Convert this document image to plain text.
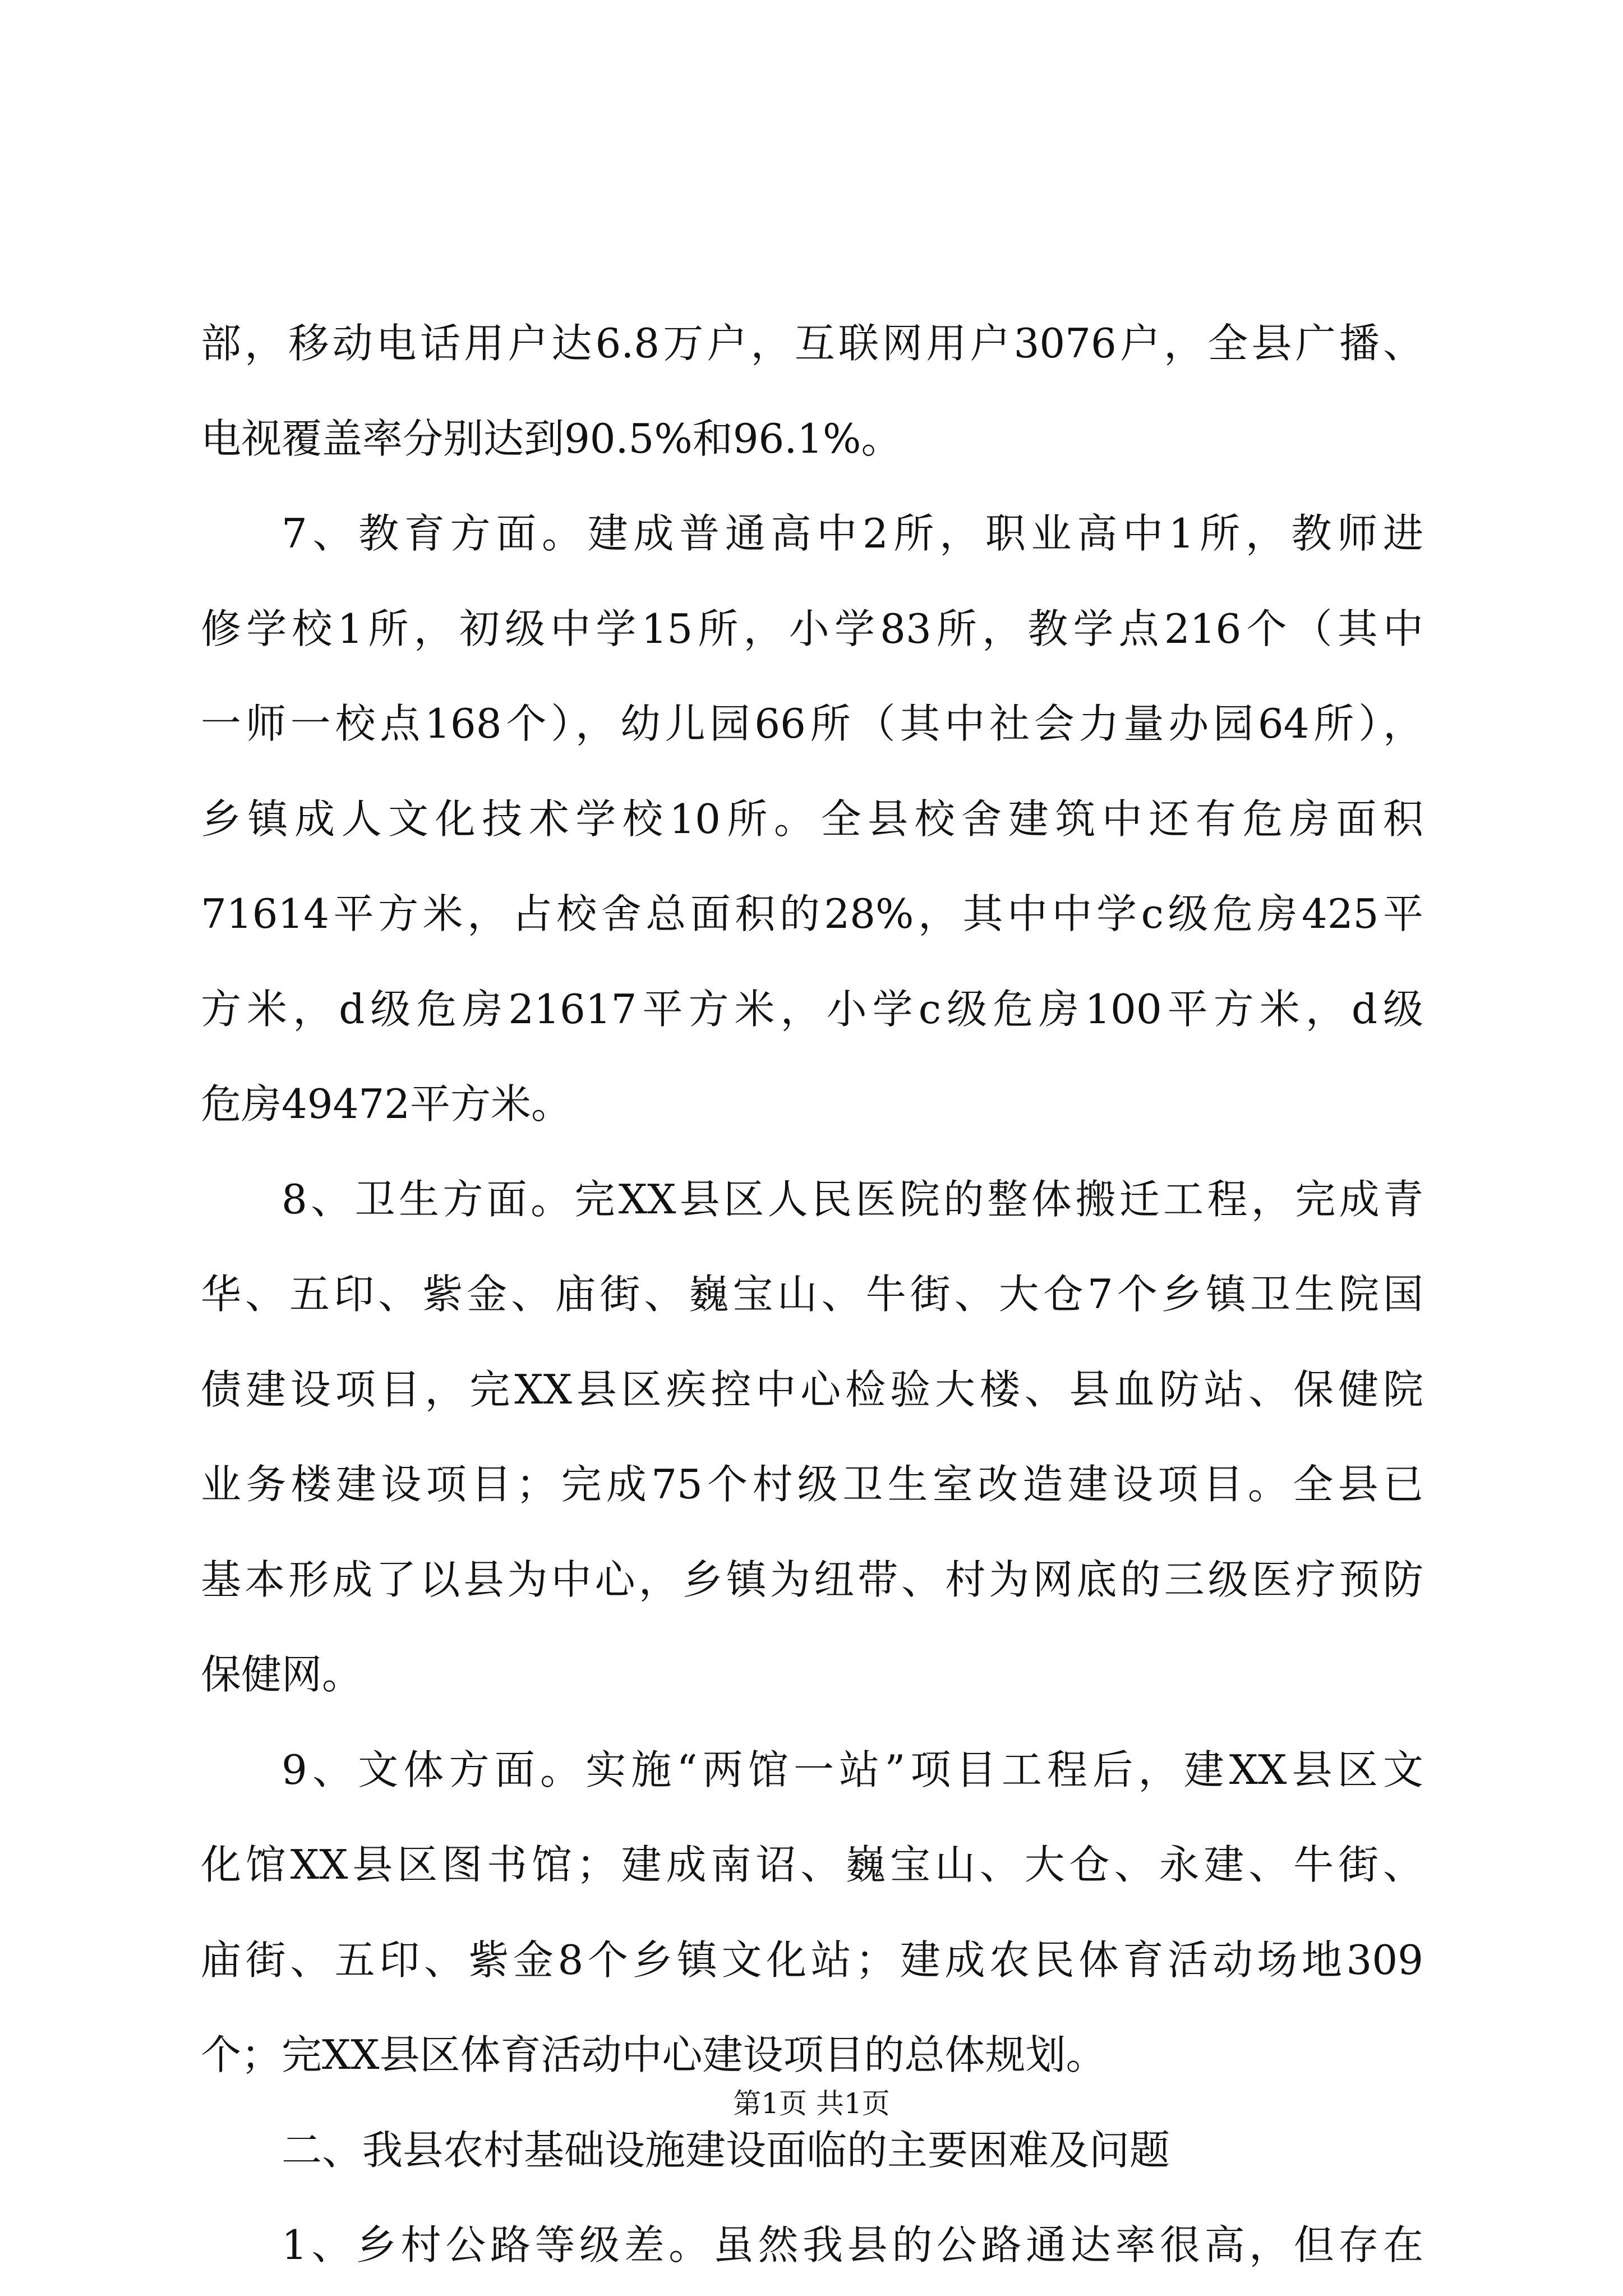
部，移动电话用户达6.8万户，互联网用户3076户，全县广播、
电视覆盖率分别达到90.5%和96.1%。
7、教育方面。建成普通高中2所，职业高中1所，教师进
修学校1所，初级中学15所，小学83所，教学点216个（其中
一师一校点168个），幼儿园66所（其中社会力量办园64所），
乡镇成人文化技术学校10所。全县校舍建筑中还有危房面积
71614平方米，占校舍总面积的28%，其中中学c级危房425平
方米，d级危房21617平方米，小学c级危房100平方米，d级
危房49472平方米。
8、卫生方面。完XX县区人民医院的整体搬迁工程，完成青
华、五印、紫金、庙街、巍宝山、牛街、大仓7个乡镇卫生院国
债建设项目，完XX县区疾控中心检验大楼、县血防站、保健院
业务楼建设项目；完成75个村级卫生室改造建设项目。全县已
基本形成了以县为中心，乡镇为纽带、村为网底的三级医疗预防
保健网。
9、文体方面。实施“两馆一站”项目工程后，建XX县区文
化馆XX县区图书馆；建成南诏、巍宝山、大仓、永建、牛街、
庙街、五印、紫金8个乡镇文化站；建成农民体育活动场地309
个；完XX县区体育活动中心建设项目的总体规划。
二、我县农村基础设施建设面临的主要困难及问题
1、乡村公路等级差。虽然我县的公路通达率很高，但存在
第1页 共1页
